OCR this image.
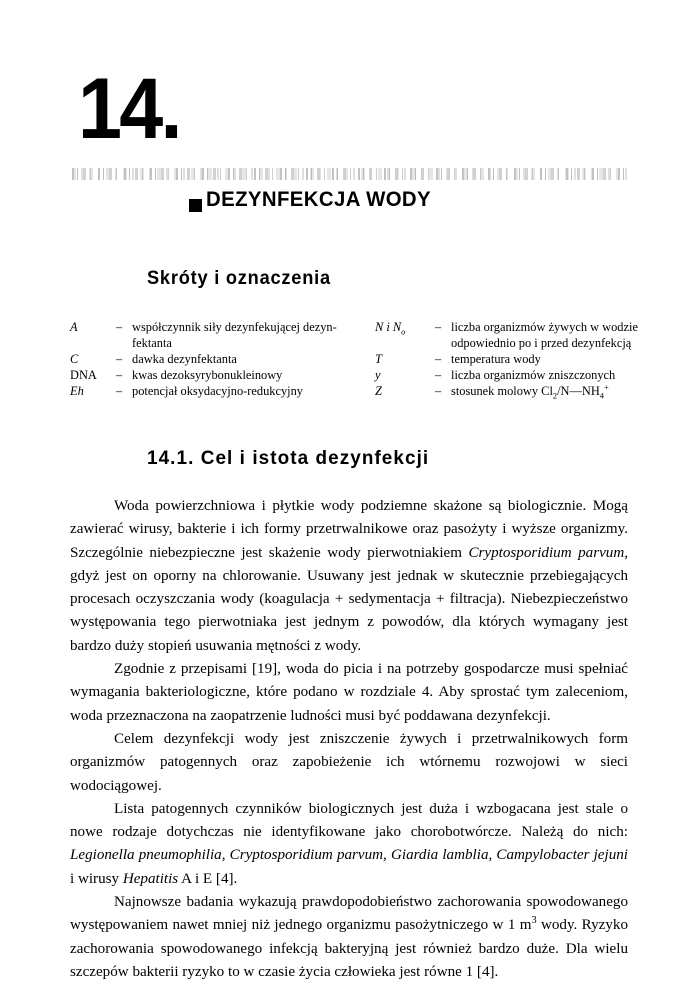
14.
DEZYNFEKCJA WODY
Skróty i oznaczenia
A	– współczynnik siły dezynfekującej dezyn-
fektanta
C	– dawka dezynfektanta
DNA	– kwas dezoksyrybonukleinowy
Eh	– potencjał oksydacyjno-redukcyjny
N i $N_o$	– liczba organizmów żywych w wodzie
odpowiednio po i przed dezynfekcją
T	– temperatura wody
y	– liczba organizmów zniszczonych
Z	– stosunek molowy $Cl_2/N—NH_4^+$
14.1. Cel i istota dezynfekcji

Woda powierzchniowa i płytkie wody podziemne skażone są biologicznie. Mogą zawierać wirusy, bakterie i ich formy przetrwalnikowe oraz pasożyty i wyższe organizmy. Szczególnie niebezpieczne jest skażenie wody pierwotniakiem Cryptosporidium parvum, gdyż jest on oporny na chlorowanie. Usuwany jest jednak w skutecznie przebiegających procesach oczyszczania wody (koagulacja + sedymentacja + filtracja). Niebezpieczeństwo występowania tego pierwotniaka jest jednym z powodów, dla których wymagany jest bardzo duży stopień usuwania mętności z wody.

Zgodnie z przepisami [19], woda do picia i na potrzeby gospodarcze musi spełniać wymagania bakteriologiczne, które podano w rozdziale 4. Aby sprostać tym zaleceniom, woda przeznaczona na zaopatrzenie ludności musi być poddawana dezynfekcji.

Celem dezynfekcji wody jest zniszczenie żywych i przetrwalnikowych form organizmów patogennych oraz zapobieżenie ich wtórnemu rozwojowi w sieci wodociągowej.

Lista patogennych czynników biologicznych jest duża i wzbogacana jest stale o nowe rodzaje dotychczas nie identyfikowane jako chorobotwórcze. Należą do nich: Legionella pneumophilia, Cryptosporidium parvum, Giardia lamblia, Campylobacter jejuni i wirusy Hepatitis A i E [4].

Najnowsze badania wykazują prawdopodobieństwo zachorowania spowodowanego występowaniem nawet mniej niż jednego organizmu pasożytniczego w 1 $m^3$ wody. Ryzyko zachorowania spowodowanego infekcją bakteryjną jest również bardzo duże. Dla wielu szczepów bakterii ryzyko to w czasie życia człowieka jest równe 1 [4].
